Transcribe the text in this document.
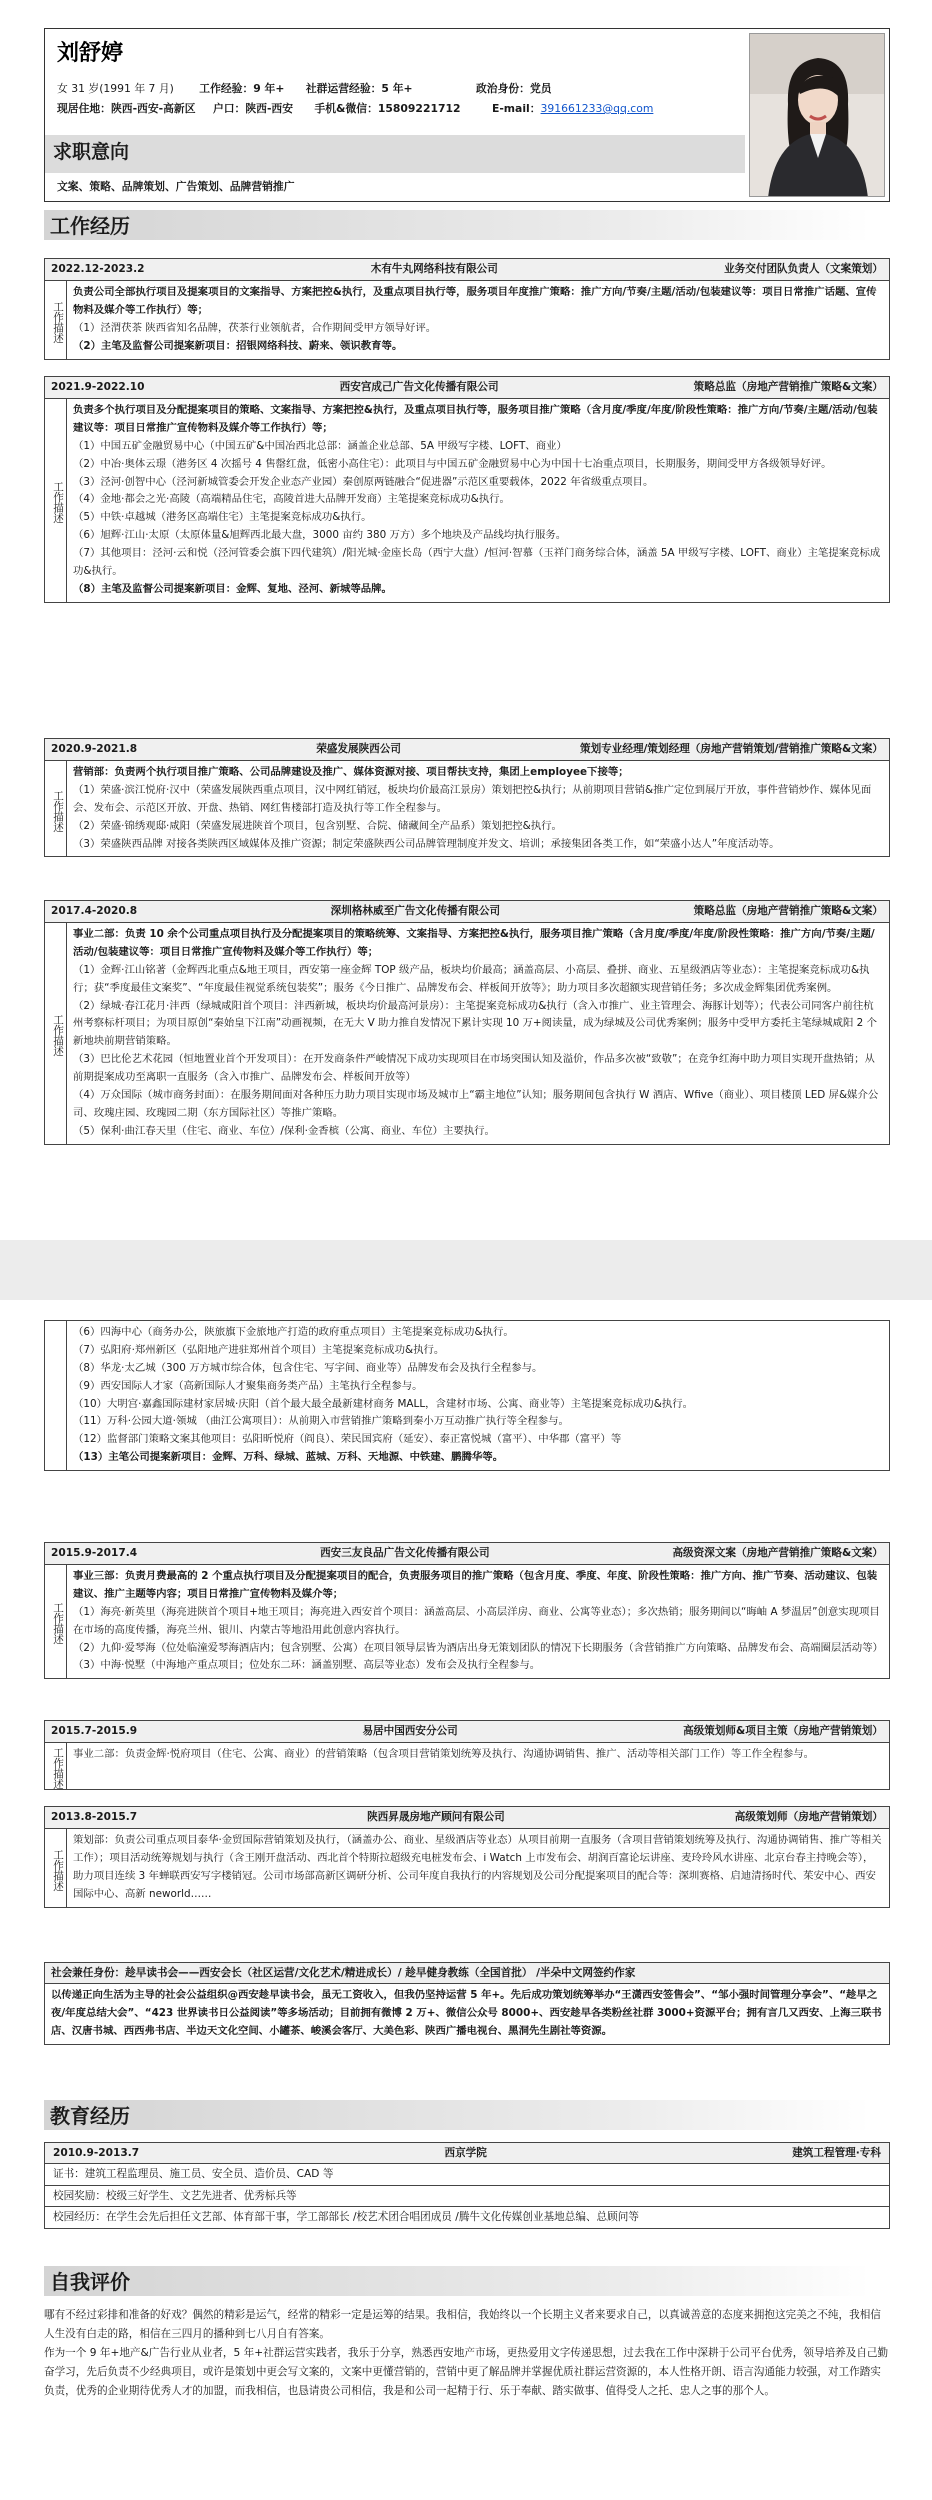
刘舒婷
女 31 岁(1991 年 7 月) 工作经验：9 年+ 社群运营经验：5 年+	政治身份：党员
现居住地：陕西-西安-高新区 户口：陕西-西安 手机&微信：15809221712	E-mail：391661233@qq.com
求职意向
文案、策略、品牌策划、广告策划、品牌营销推广
工作经历
2022.12-2023.2	木有牛丸网络科技有限公司	业务交付团队负责人（文案策划）
工作描述

负责公司全部执行项目及提案项目的文案指导、方案把控&执行，及重点项目执行等，服务项目年度推广策略：推广方向/节奏/主题/活动/包装建议等：项目日常推广话题、宣传物料及媒介等工作执行）等；

（1）泾渭茯茶 陕西省知名品牌，茯茶行业领航者，合作期间受甲方领导好评。

（2）主笔及监督公司提案新项目：招银网络科技、蔚来、领识教育等。

2021.9-2022.10	西安宫成己广告文化传播有限公司	策略总监（房地产营销推广策略&文案）
工作描述

负责多个执行项目及分配提案项目的策略、文案指导、方案把控&执行，及重点项目执行等，服务项目推广策略（含月度/季度/年度/阶段性策略：推广方向/节奏/主题/活动/包装建议等：项目日常推广宣传物料及媒介等工作执行）等；

（1）中国五矿金融贸易中心（中国五矿&中国冶西北总部：涵盖企业总部、5A 甲级写字楼、LOFT、商业）

（2）中冶·奥体云璟（港务区 4 次摇号 4 售罄红盘，低密小高住宅）：此项目与中国五矿金融贸易中心为中国十七冶重点项目，长期服务，期间受甲方各级领导好评。

（3）泾河·创智中心（泾河新城管委会开发企业态产业园）秦创原两链融合“促进器”示范区重要载体，2022 年省级重点项目。

（4）金地·都会之光·高陵（高端精品住宅，高陵首进大品牌开发商）主笔提案竞标成功&执行。

（5）中铁·卓越城（港务区高端住宅）主笔提案竞标成功&执行。

（6）旭辉·江山·太原（太原体量&旭辉西北最大盘，3000 亩约 380 万方）多个地块及产品线均执行服务。

（7）其他项目：泾河·云和悦（泾河管委会旗下四代建筑）/阳光城·金座长岛（西宁大盘）/恒河·智慕（玉祥门商务综合体，涵盖 5A 甲级写字楼、LOFT、商业）主笔提案竞标成功&执行。

（8）主笔及监督公司提案新项目：金辉、复地、泾河、新城等品牌。

2020.9-2021.8	荣盛发展陕西公司	策划专业经理/策划经理（房地产营销策划/营销推广策略&文案）
工作描述

营销部：负责两个执行项目推广策略、公司品牌建设及推广、媒体资源对接、项目帮扶支持，集团上employee下接等；

（1）荣盛·滨江悦府·汉中（荣盛发展陕西重点项目，汉中网红销冠，板块均价最高江景房）策划把控&执行；从前期项目营销&推广定位到展厅开放，事件营销炒作、媒体见面会、发布会、示范区开放、开盘、热销、网红售楼部打造及执行等工作全程参与。

（2）荣盛·锦绣观邸·咸阳（荣盛发展进陕首个项目，包含别墅、合院、储藏间全产品系）策划把控&执行。

（3）荣盛陕西品牌 对接各类陕西区域媒体及推广资源；制定荣盛陕西公司品牌管理制度并发文、培训；承接集团各类工作，如“荣盛小达人”年度活动等。

2017.4-2020.8	深圳格林威至广告文化传播有限公司	策略总监（房地产营销推广策略&文案）
工作描述

事业二部：负责 10 余个公司重点项目执行及分配提案项目的策略统筹、文案指导、方案把控&执行，服务项目推广策略（含月度/季度/年度/阶段性策略：推广方向/节奏/主题/活动/包装建议等：项目日常推广宣传物料及媒介等工作执行）等；

（1）金辉·江山铭著（金辉西北重点&地王项目，西安第一座金辉 TOP 级产品，板块均价最高；涵盖高层、小高层、叠拼、商业、五星级酒店等业态）：主笔提案竞标成功&执行；获“季度最佳文案奖”、“年度最佳视觉系统包装奖”；服务《今日推广、品牌发布会、样板间开放等》；助力项目多次超额实现营销任务；多次成金辉集团优秀案例。

（2）绿城·春江花月·沣西（绿城咸阳首个项目：沣西新城，板块均价最高河景房）：主笔提案竞标成功&执行（含入市推广、业主管理会、海豚计划等）；代表公司同客户前往杭州考察标杆项目；为项目原创“秦始皇下江南”动画视频，在无大 V 助力推自发情况下累计实现 10 万+阅读量，成为绿城及公司优秀案例；服务中受甲方委托主笔绿城咸阳 2 个新地块前期营销策略。

（3）巴比伦艺术花园（恒地置业首个开发项目）：在开发商条件严峻情况下成功实现项目在市场突围认知及溢价，作品多次被“致敬”；在竞争红海中助力项目实现开盘热销；从前期提案成功至离职一直服务（含入市推广、品牌发布会、样板间开放等）

（4）万众国际（城市商务封面）：在服务期间面对各种压力助力项目实现市场及城市上“霸主地位”认知；服务期间包含执行 W 酒店、Wfive（商业）、项目楼顶 LED 屏&媒介公司、玫瑰庄园、玫瑰园二期（东方国际社区）等推广策略。

（5）保利·曲江春天里（住宅、商业、车位）/保利·金香槟（公寓、商业、车位）主要执行。

（6）四海中心（商务办公，陕旅旗下金旅地产打造的政府重点项目）主笔提案竞标成功&执行。

（7）弘阳府·郑州新区（弘阳地产进驻郑州首个项目）主笔提案竞标成功&执行。

（8）华龙·太乙城（300 万方城市综合体，包含住宅、写字间、商业等）品牌发布会及执行全程参与。

（9）西安国际人才家（高新国际人才聚集商务类产品）主笔执行全程参与。

（10）大明宫·嘉鑫国际建材家居城·庆阳（首个最大最全最新建材商务 MALL，含建材市场、公寓、商业等）主笔提案竞标成功&执行。

（11）万科·公园大道·领城 （曲江公寓项目）：从前期入市营销推广策略到秦小万互动推广执行等全程参与。

（12）监督部门策略文案其他项目：弘阳昕悦府（阎良）、荣民国宾府（延安）、泰正富悦城（富平）、中华郡（富平）等

（13）主笔公司提案新项目：金辉、万科、绿城、蓝城、万科、天地源、中铁建、鹏腾华等。

2015.9-2017.4	西安三友良品广告文化传播有限公司	高级资深文案（房地产营销推广策略&文案）
工作描述

事业三部：负责月费最高的 2 个重点执行项目及分配提案项目的配合，负责服务项目的推广策略（包含月度、季度、年度、阶段性策略：推广方向、推广节奏、活动建议、包装建议、推广主题等内容；项目日常推广宣传物料及媒介等；

（1）海亮·新英里（海亮进陕首个项目+地王项目；海亮进入西安首个项目：涵盖高层、小高层洋房、商业、公寓等业态）；多次热销；服务期间以“晦岫 A 梦温居”创意实现项目在市场的高度传播，海亮兰州、银川、内蒙古等地沿用此创意内容执行。

（2）九仰·爱琴海（位处临潼爱琴海酒店内；包含别墅、公寓）在项目领导层皆为酒店出身无策划团队的情况下长期服务（含营销推广方向策略、品牌发布会、高端圈层活动等）

（3）中海·悦墅（中海地产重点项目；位处东二环：涵盖别墅、高层等业态）发布会及执行全程参与。

2015.7-2015.9	易居中国西安分公司	高级策划师&项目主策（房地产营销策划）
工作描述 事业二部：负责金辉·悦府项目（住宅、公寓、商业）的营销策略（包含项目营销策划统筹及执行、沟通协调销售、推广、活动等相关部门工作）等工作全程参与。

2013.8-2015.7	陕西昇晟房地产顾问有限公司	高级策划师（房地产营销策划）
工作描述

策划部：负责公司重点项目泰华·金贸国际营销策划及执行，（涵盖办公、商业、星级酒店等业态）从项目前期一直服务（含项目营销策划统筹及执行、沟通协调销售、推广等相关工作）；项目活动统筹规划与执行（含王刚开盘活动、西北首个特斯拉超级充电桩发布会、i Watch 上市发布会、胡润百富论坛讲座、麦玲玲风水讲座、北京台春主持晚会等），助力项目连续 3 年蝉联西安写字楼销冠。公司市场部高新区调研分析、公司年度自我执行的内容规划及公司分配提案项目的配合等：深圳赛格、启迪清扬时代、茱安中心、西安国际中心、高新 neworld……

社会兼任身份：趁早读书会——西安会长（社区运营/文化艺术/精进成长）/ 趁早健身教练（全国首批） /半朵中文网签约作家
以传递正向生活为主导的社会公益组织@西安趁早读书会，虽无工资收入，但我仍坚持运营 5 年+。先后成功策划统筹举办“王潇西安签售会”、“邹小强时间管理分享会”、“趁早之夜/年度总结大会”、“423 世界读书日公益阅读”等多场活动；目前拥有微博 2 万+、微信公众号 8000+、西安趁早各类粉丝社群 3000+资源平台；拥有言几又西安、上海三联书店、汉唐书城、西西弗书店、半边天文化空间、小罐茶、峻溪会客厅、大美色彩、陕西广播电视台、黑洞先生剧社等资源。
教育经历
2010.9-2013.7	西京学院	建筑工程管理·专科
证书：建筑工程监理员、施工员、安全员、造价员、CAD 等
校园奖励：校级三好学生、文艺先进者、优秀标兵等
校园经历：在学生会先后担任文艺部、体育部干事，学工部部长 /校艺术团合唱团成员 /腾牛文化传媒创业基地总编、总顾问等
自我评价

哪有不经过彩排和准备的好戏？偶然的精彩是运气，经常的精彩一定是运筹的结果。我相信，我始终以一个长期主义者来要求自己，以真诚善意的态度来拥抱这完美之不纯，我相信人生没有白走的路，相信在三四月的播种到七八月自有答案。

作为一个 9 年+地产&广告行业从业者，5 年+社群运营实践者，我乐于分享，熟悉西安地产市场，更热爱用文字传递思想，过去我在工作中深耕于公司平台优秀，领导培养及自己勤奋学习，先后负责不少经典项目，或许是策划中更会写文案的，文案中更懂营销的，营销中更了解品牌并掌握优质社群运营资源的，本人性格开朗、语言沟通能力较强，对工作踏实负责，优秀的企业期待优秀人才的加盟，而我相信，也恳请贵公司相信，我是和公司一起精于行、乐于奉献、踏实做事、值得受人之托、忠人之事的那个人。
